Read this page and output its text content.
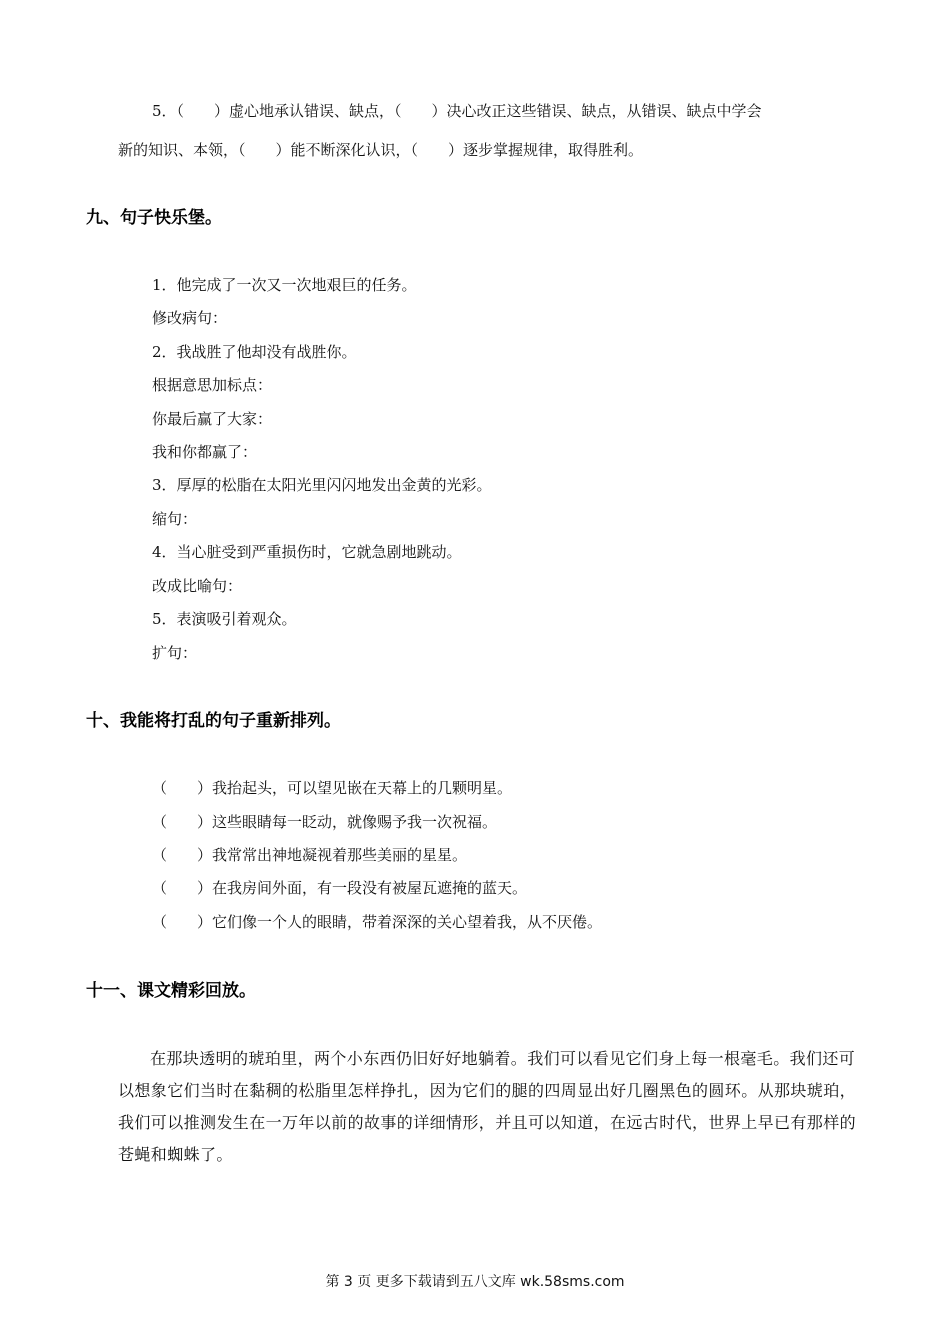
5．（　　）虚心地承认错误、缺点，（　　）决心改正这些错误、缺点，从错误、缺点中学会
新的知识、本领，（　　）能不断深化认识，（　　）逐步掌握规律，取得胜利。
九、句子快乐堡。
1．他完成了一次又一次地艰巨的任务。
修改病句：
2．我战胜了他却没有战胜你。
根据意思加标点：
你最后赢了大家：
我和你都赢了：
3．厚厚的松脂在太阳光里闪闪地发出金黄的光彩。
缩句：
4．当心脏受到严重损伤时，它就急剧地跳动。
改成比喻句：
5．表演吸引着观众。
扩句：
十、我能将打乱的句子重新排列。
（　　）我抬起头，可以望见嵌在天幕上的几颗明星。
（　　）这些眼睛每一眨动，就像赐予我一次祝福。
（　　）我常常出神地凝视着那些美丽的星星。
（　　）在我房间外面，有一段没有被屋瓦遮掩的蓝天。
（　　）它们像一个人的眼睛，带着深深的关心望着我，从不厌倦。
十一、课文精彩回放。
在那块透明的琥珀里，两个小东西仍旧好好地躺着。我们可以看见它们身上每一根毫毛。我们还可以想象它们当时在黏稠的松脂里怎样挣扎，因为它们的腿的四周显出好几圈黑色的圆环。从那块琥珀，我们可以推测发生在一万年以前的故事的详细情形，并且可以知道，在远古时代，世界上早已有那样的苍蝇和蜘蛛了。
第 3 页 更多下载请到五八文库 wk.58sms.com
